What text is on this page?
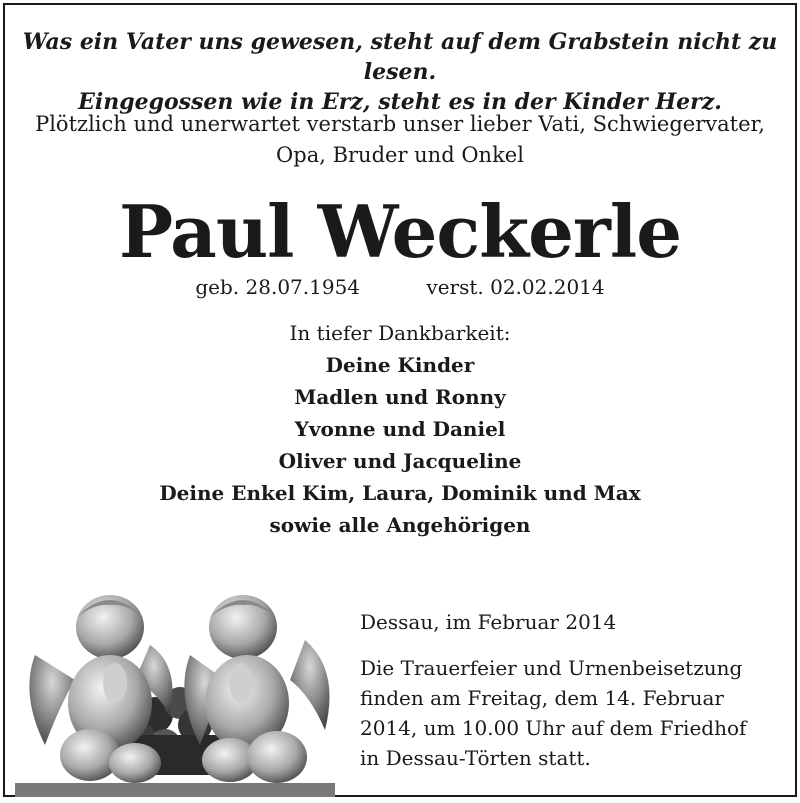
Was ein Vater uns gewesen, steht auf dem Grabstein nicht zu lesen.
Eingegossen wie in Erz, steht es in der Kinder Herz.
Plötzlich und unerwartet verstarb unser lieber Vati, Schwiegervater,
Opa, Bruder und Onkel
Paul Weckerle
geb. 28.07.1954	verst. 02.02.2014
In tiefer Dankbarkeit:
Deine Kinder
Madlen und Ronny
Yvonne und Daniel
Oliver und Jacqueline
Deine Enkel Kim, Laura, Dominik und Max
sowie alle Angehörigen
Dessau, im Februar 2014
Die Trauerfeier und Urnenbeisetzung
finden am Freitag, dem 14. Februar
2014, um 10.00 Uhr auf dem Friedhof
in Dessau-Törten statt.
